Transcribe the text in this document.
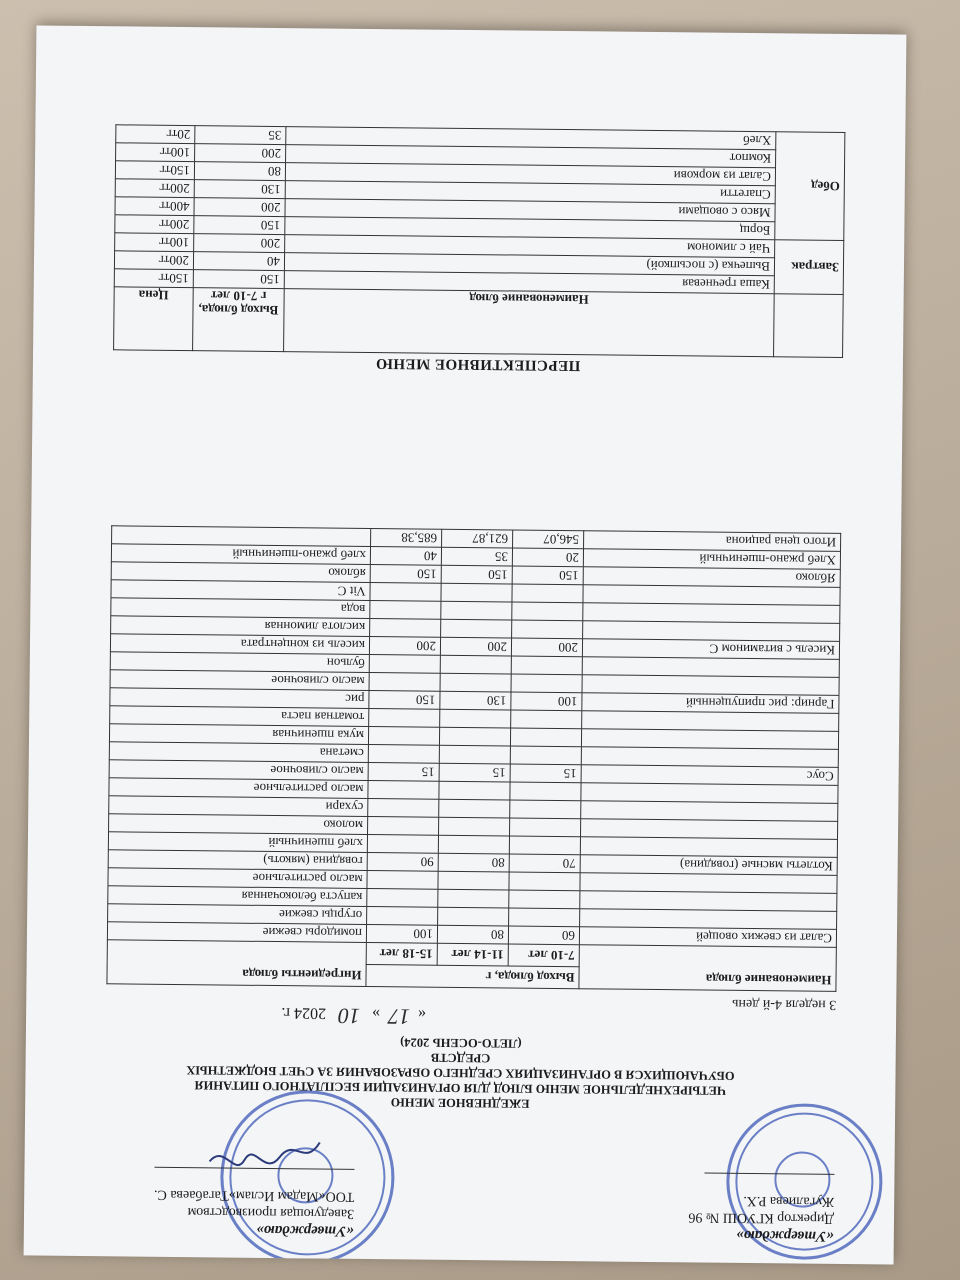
«Утверждаю»
Директор КГУОШ № 96
Жугалиева Р.Х.
«Утверждаю»
Заведующая производством
ТОО«Мадам Ислам»Тагабаева С.
ЕЖЕДНЕВНОЕ МЕНЮ
ЧЕТЫРЕХНЕДЕЛЬНОЕ МЕНЮ БЛЮД ДЛЯ ОРГАНИЗАЦИИ БЕСПЛАТНОГО ПИТАНИЯ
ОБУЧАЮЩИХСЯ В ОРГАНИЗАЦИЯХ СРЕДНЕГО ОБРАЗОВАНИЯ ЗА СЧЕТ БЮДЖЕТНЫХ
СРЕДСТВ
(ЛЕТО-ОСЕНЬ 2024)
«17» 10 2024 г.
3 неделя 4-й день
Наименование блюда	Выход блюда, г			Ингредиенты блюда
	7-10 лет	11-14 лет	15-18 лет	
Салат из свежих овощей	60	80	100	помидоры свежие
				огурцы свежие
				капуста белокочанная
				масло растительное
Котлеты мясные (говядина)	70	80	90	говядина (мякоть)
				хлеб пшеничный
				молоко
				сухари
				масло растительное
Соус	15	15	15	масло сливочное
				сметана
				мука пшеничная
				томатная паста
Гарнир: рис припущенный	100	130	150	рис
				масло сливочное
				бульон
Кисель с витамином С	200	200	200	кисель из концентрата
				кислота лимонная
				вода
				Vit C
Яблоко	150	150	150	яблоко
Хлеб ржано-пшеничный	20	35	40	хлеб ржано-пшеничный
Итого цена рациона	546,07	621,87	685,38	
ПЕРСПЕКТИВНОЕ МЕНЮ
	Наименование блюд	Выход блюда, г 7-10 лет	Цена
Завтрак	Каша гречневая	150	150тг
	Выпечка (с посыпкой)	40	200тг
	Чай с лимоном	200	100тг
Обед	Борщ	150	200тг
	Мясо с овощами	200	400тг
	Спагетти	130	200тг
	Салат из моркови	80	150тг
	Компот	200	100тг
	Хлеб	35	20тг
